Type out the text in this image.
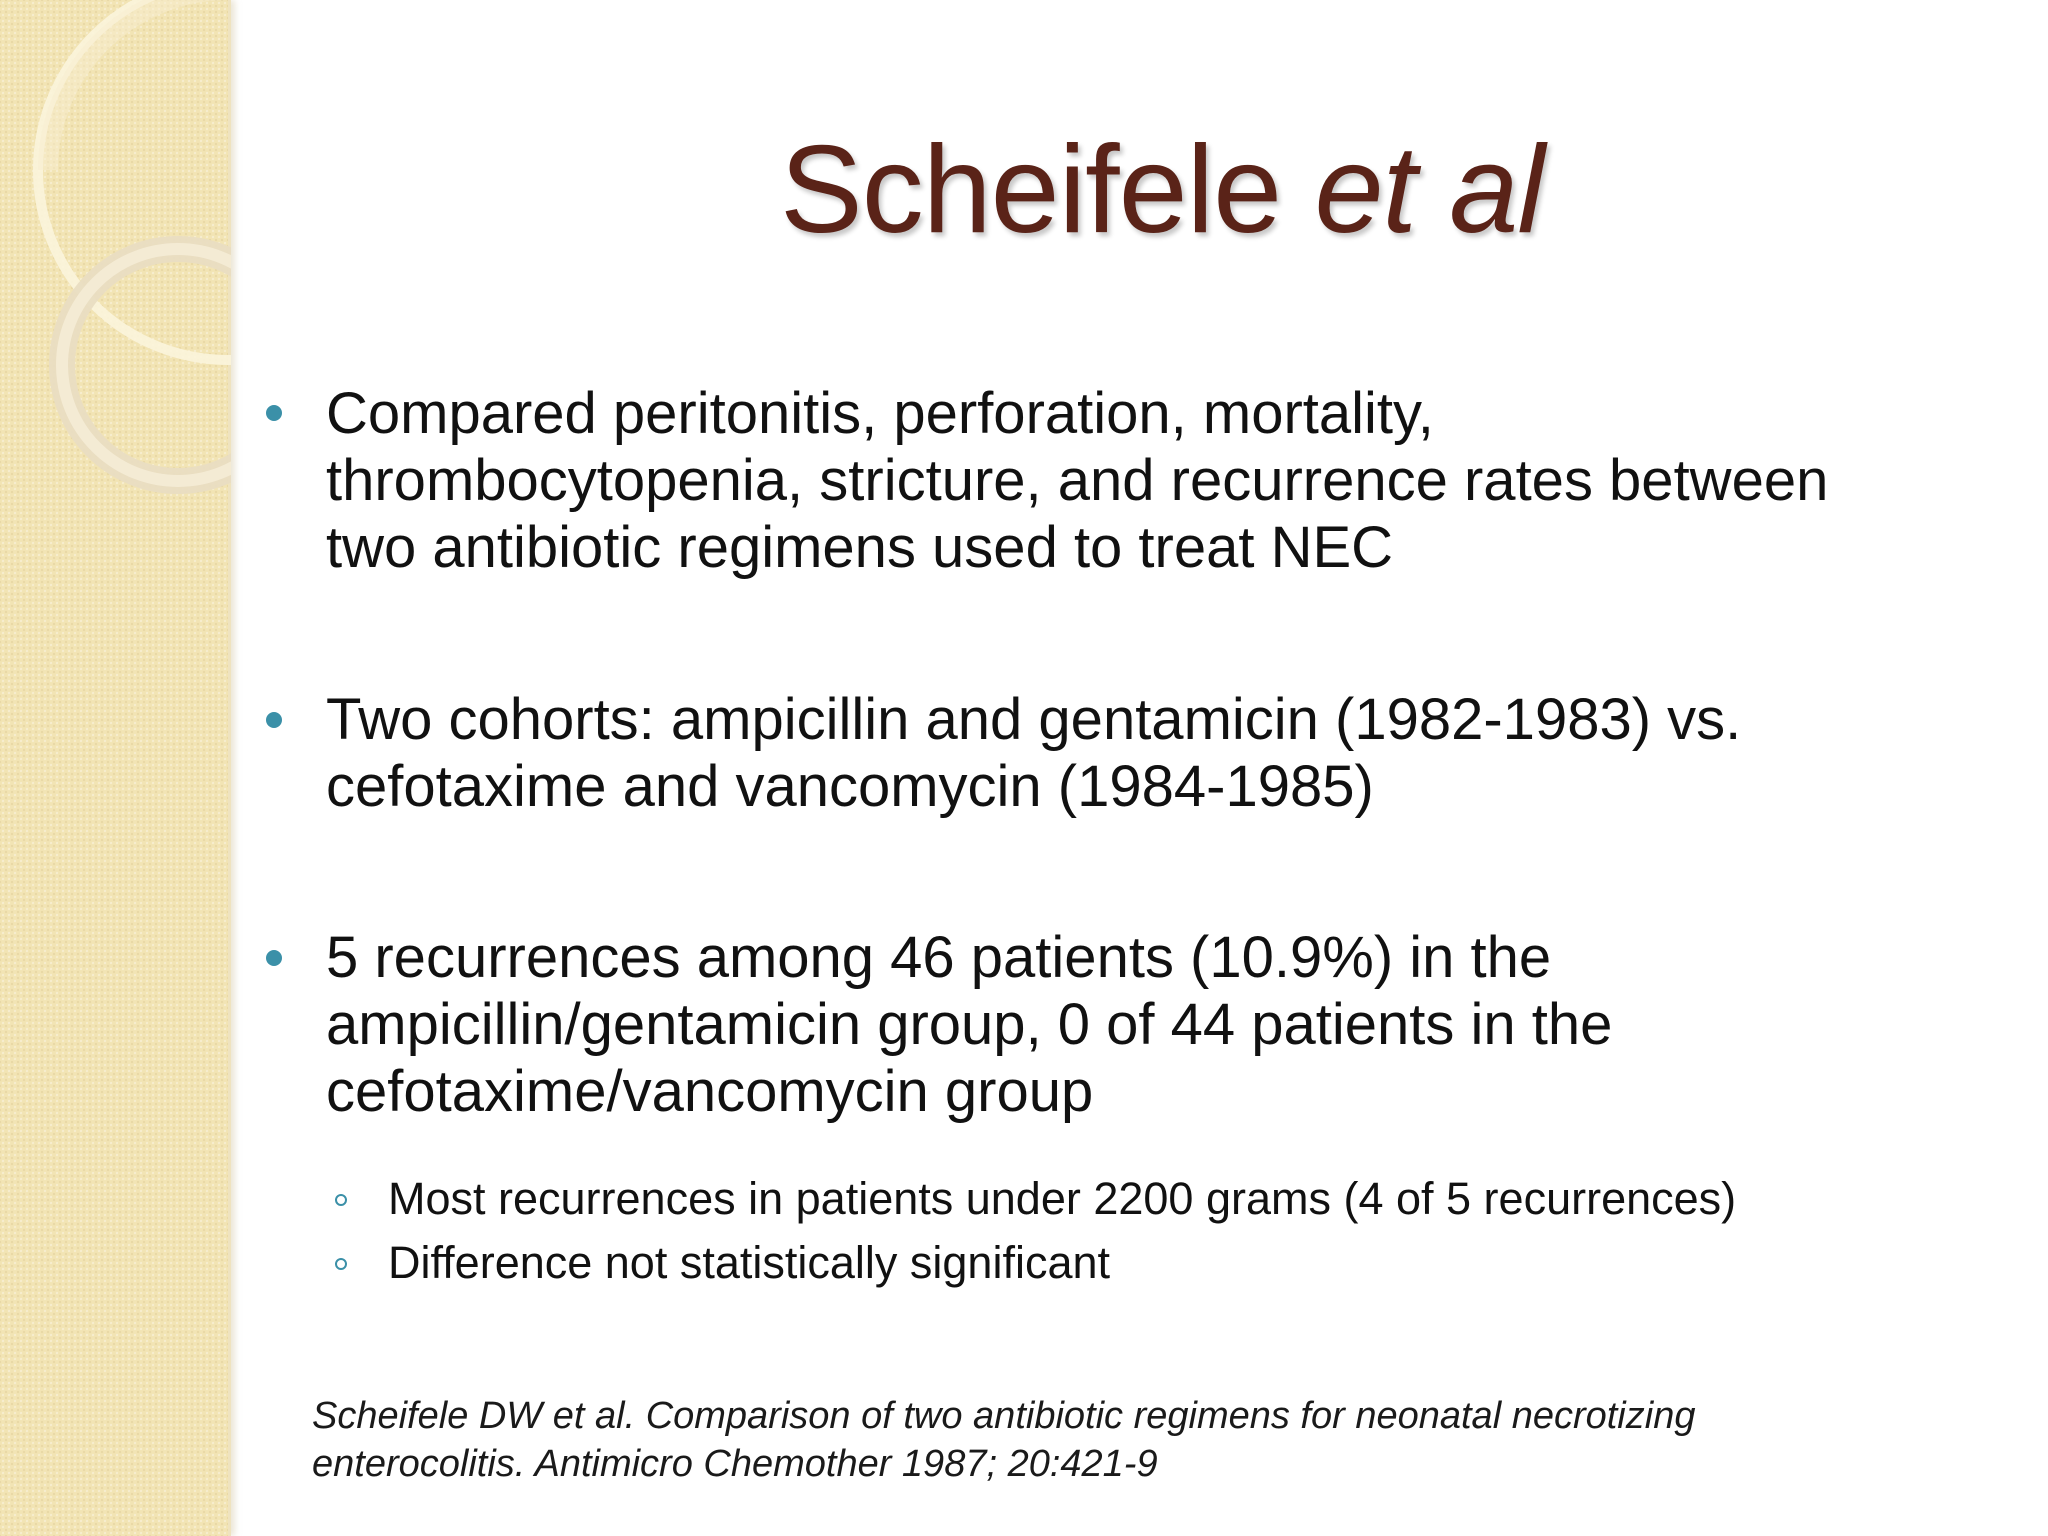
Scheifele et al
Compared peritonitis, perforation, mortality,
thrombocytopenia, stricture, and recurrence rates between
two antibiotic regimens used to treat NEC
Two cohorts: ampicillin and gentamicin (1982-1983) vs.
cefotaxime and vancomycin (1984-1985)
5 recurrences among 46 patients (10.9%) in the
ampicillin/gentamicin group, 0 of 44 patients in the
cefotaxime/vancomycin group
Most recurrences in patients under 2200 grams (4 of 5 recurrences)
Difference not statistically significant
Scheifele DW et al. Comparison of two antibiotic regimens for neonatal necrotizing
enterocolitis. Antimicro Chemother 1987; 20:421-9
